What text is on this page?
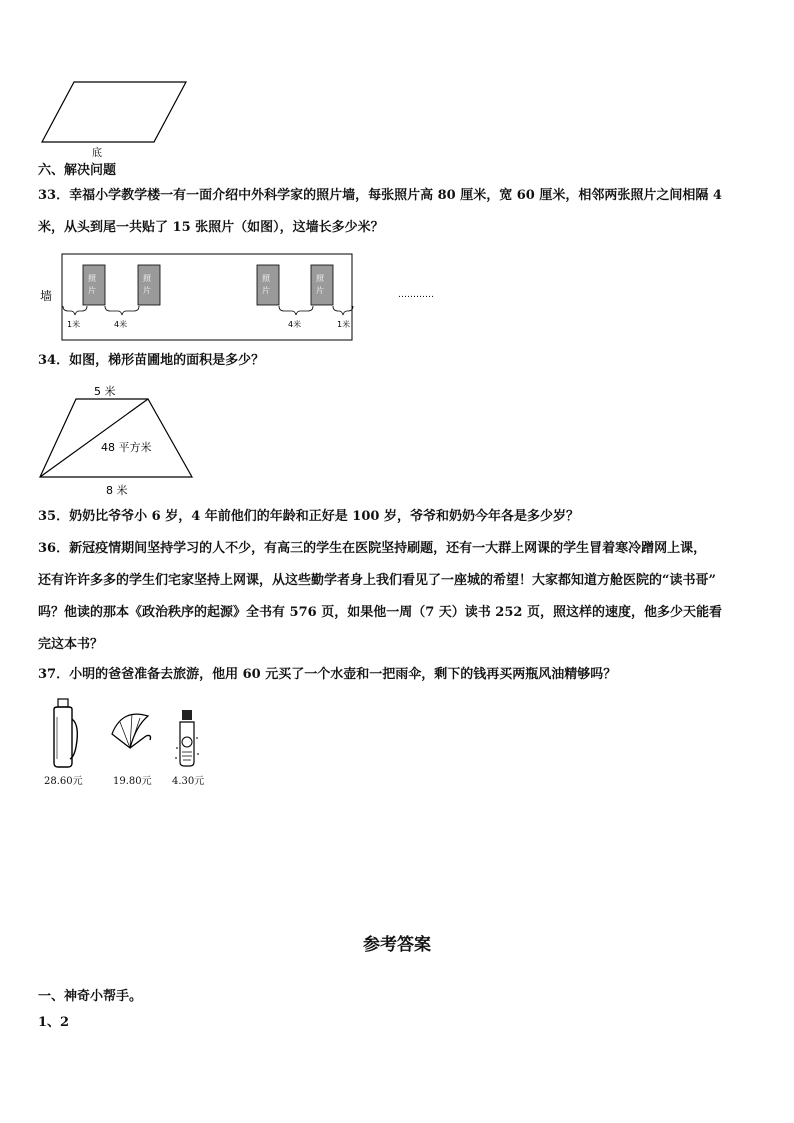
底
六、解决问题
33．幸福小学教学楼一有一面介绍中外科学家的照片墙，每张照片高 80 厘米，宽 60 厘米，相邻两张照片之间相隔 4
米，从头到尾一共贴了 15 张照片（如图），这墙长多少米？
墙
照
片
照
片
照
片
照
片
1米	4米	4米	1米
…………
34．如图，梯形苗圃地的面积是多少？
5 米
48 平方米
8 米
35．奶奶比爷爷小 6 岁，4 年前他们的年龄和正好是 100 岁，爷爷和奶奶今年各是多少岁？
36．新冠疫情期间坚持学习的人不少，有高三的学生在医院坚持刷题，还有一大群上网课的学生冒着寒冷蹭网上课，
还有许许多多的学生们宅家坚持上网课，从这些勤学者身上我们看见了一座城的希望！大家都知道方舱医院的“读书哥”
吗？他读的那本《政治秩序的起源》全书有 576 页，如果他一周（7 天）读书 252 页，照这样的速度，他多少天能看
完这本书？
37．小明的爸爸准备去旅游，他用 60 元买了一个水壶和一把雨伞，剩下的钱再买两瓶风油精够吗？
28.60元	19.80元 4.30元
参考答案
一、神奇小帮手。
1、2
